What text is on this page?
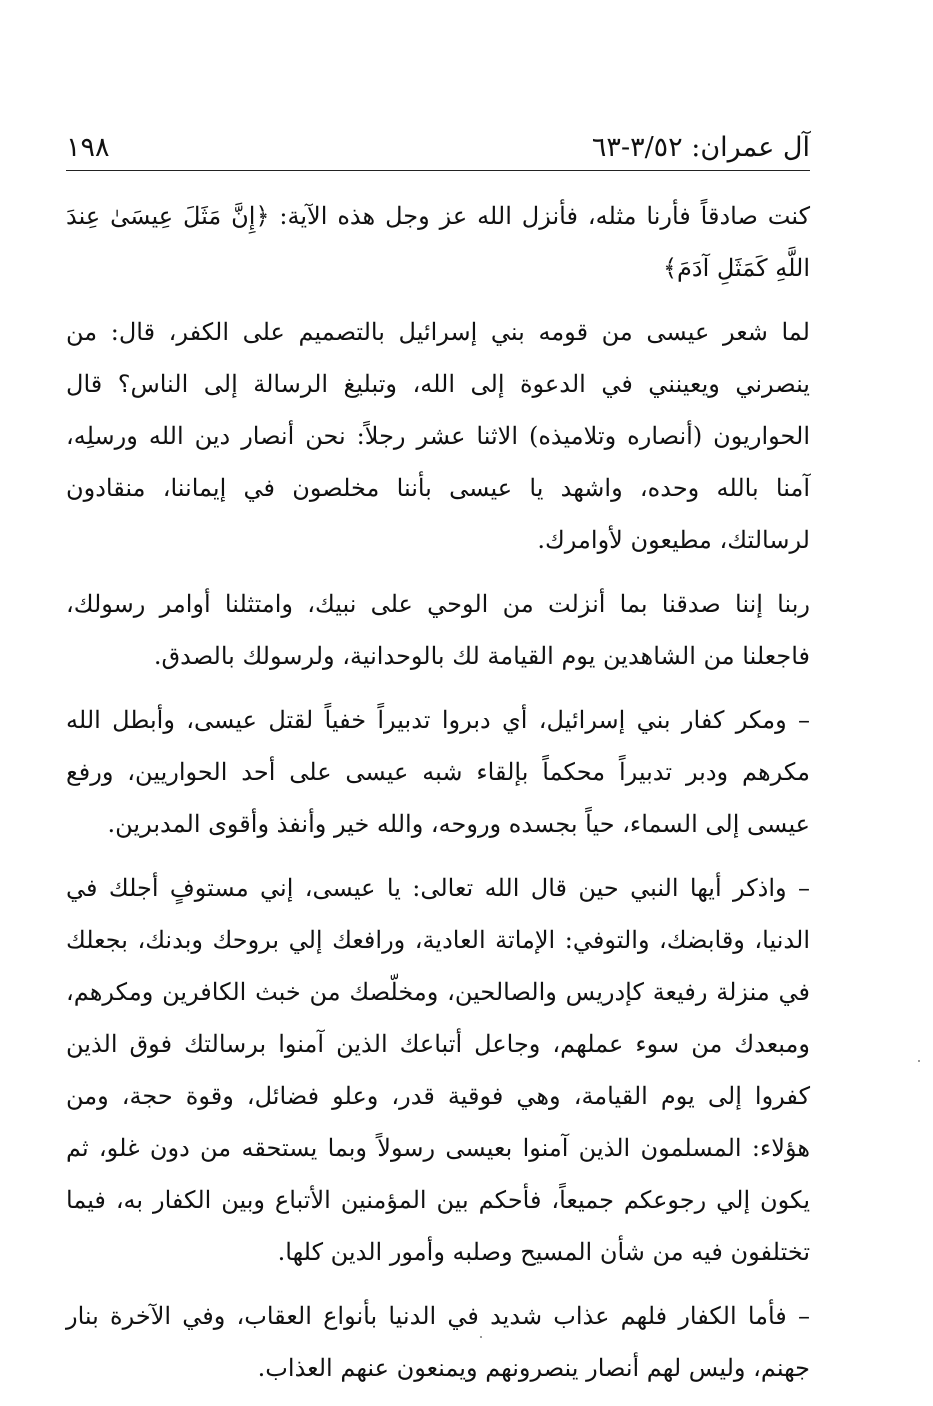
آل عمران: ٣/٥٢-٦٣
١٩٨

كنت صادقاً فأرنا مثله، فأنزل الله عز وجل هذه الآية: ﴿إِنَّ مَثَلَ عِيسَىٰ عِندَ اللَّهِ كَمَثَلِ آدَمَ﴾

لما شعر عيسى من قومه بني إسرائيل بالتصميم على الكفر، قال: من ينصرني ويعينني في الدعوة إلى الله، وتبليغ الرسالة إلى الناس؟ قال الحواريون (أنصاره وتلاميذه) الاثنا عشر رجلاً: نحن أنصار دين الله ورسلِه، آمنا بالله وحده، واشهد يا عيسى بأننا مخلصون في إيماننا، منقادون لرسالتك، مطيعون لأوامرك.

ربنا إننا صدقنا بما أنزلت من الوحي على نبيك، وامتثلنا أوامر رسولك، فاجعلنا من الشاهدين يوم القيامة لك بالوحدانية، ولرسولك بالصدق.

– ومكر كفار بني إسرائيل، أي دبروا تدبيراً خفياً لقتل عيسى، وأبطل الله مكرهم ودبر تدبيراً محكماً بإلقاء شبه عيسى على أحد الحواريين، ورفع عيسى إلى السماء، حياً بجسده وروحه، والله خير وأنفذ وأقوى المدبرين.

– واذكر أيها النبي حين قال الله تعالى: يا عيسى، إني مستوفٍ أجلك في الدنيا، وقابضك، والتوفي: الإماتة العادية، ورافعك إلي بروحك وبدنك، بجعلك في منزلة رفيعة كإدريس والصالحين، ومخلّصك من خبث الكافرين ومكرهم، ومبعدك من سوء عملهم، وجاعل أتباعك الذين آمنوا برسالتك فوق الذين كفروا إلى يوم القيامة، وهي فوقية قدر، وعلو فضائل، وقوة حجة، ومن هؤلاء: المسلمون الذين آمنوا بعيسى رسولاً وبما يستحقه من دون غلو، ثم يكون إلي رجوعكم جميعاً، فأحكم بين المؤمنين الأتباع وبين الكفار به، فيما تختلفون فيه من شأن المسيح وصلبه وأمور الدين كلها.

– فأما الكفار فلهم عذاب شديد في الدنيا بأنواع العقاب، وفي الآخرة بنار جهنم، وليس لهم أنصار ينصرونهم ويمنعون عنهم العذاب.
